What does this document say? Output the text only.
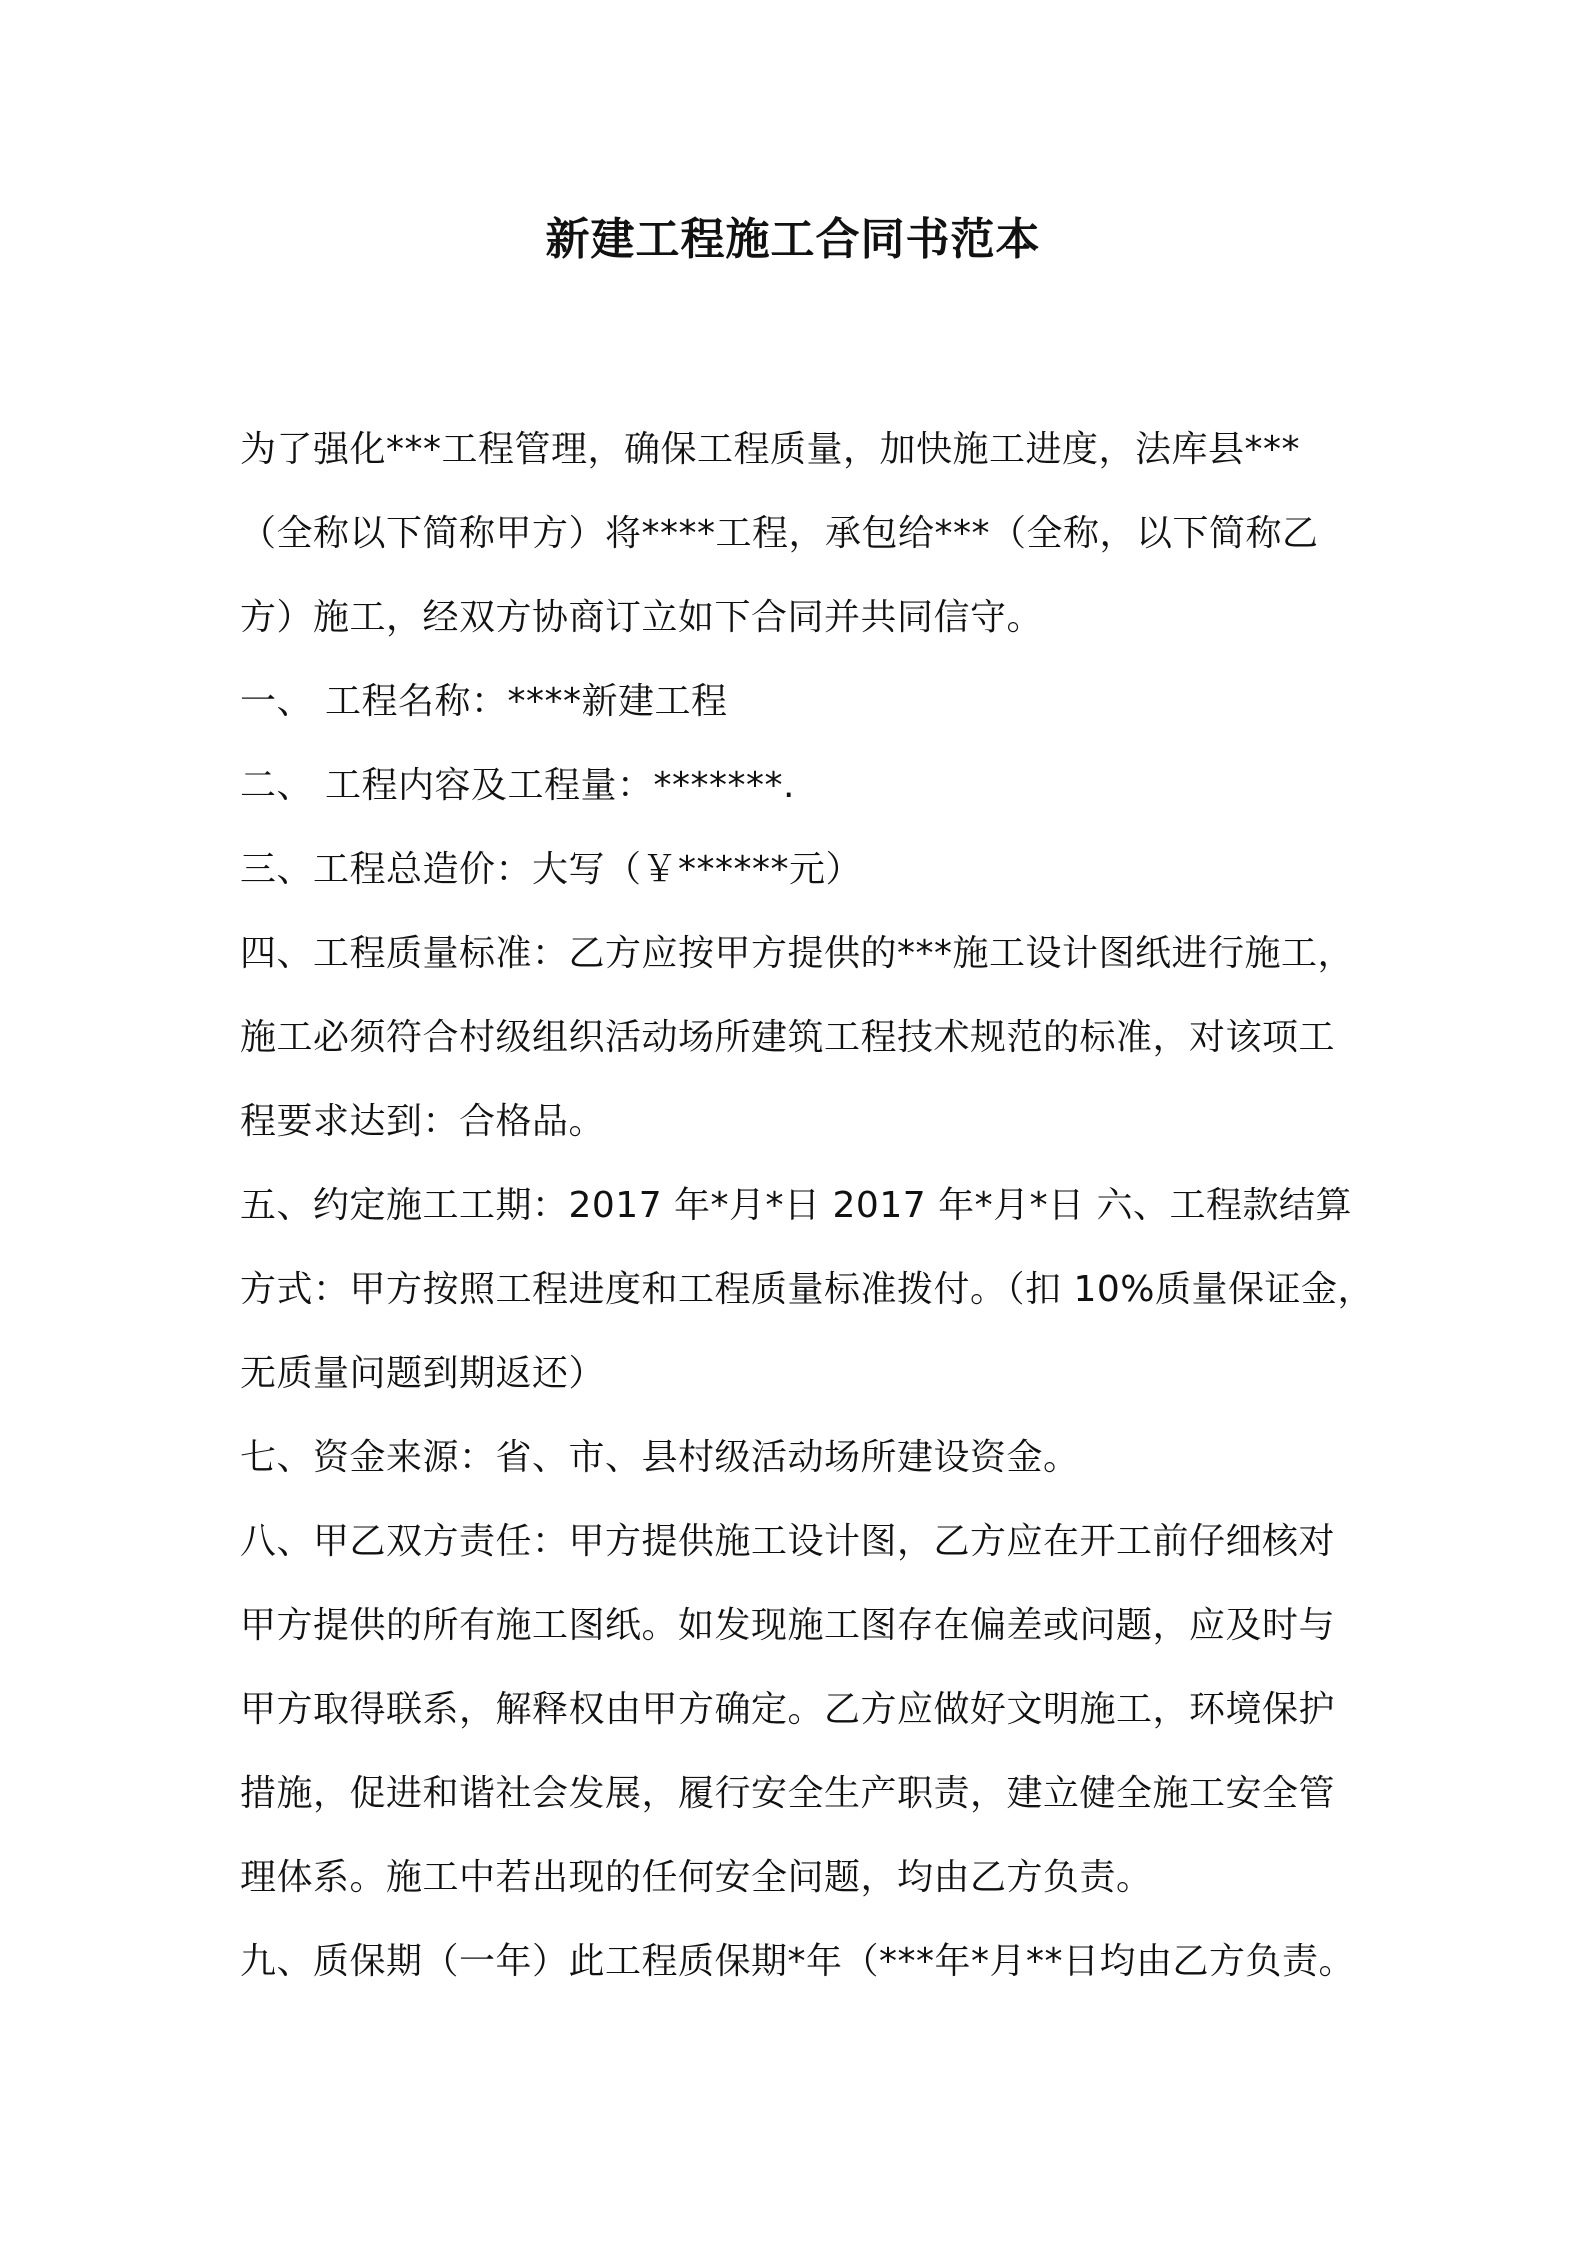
新建工程施工合同书范本

为了强化***工程管理，确保工程质量，加快施工进度，法库县***

（全称以下简称甲方）将****工程，承包给***（全称，以下简称乙

方）施工，经双方协商订立如下合同并共同信守。

一、 工程名称：****新建工程

二、 工程内容及工程量：*******.

三、工程总造价：大写（￥******元）

四、工程质量标准：乙方应按甲方提供的***施工设计图纸进行施工，

施工必须符合村级组织活动场所建筑工程技术规范的标准，对该项工

程要求达到：合格品。

五、约定施工工期：2017 年*月*日 2017 年*月*日 六、工程款结算

方式：甲方按照工程进度和工程质量标准拨付。（扣 10%质量保证金，

无质量问题到期返还）

七、资金来源：省、市、县村级活动场所建设资金。

八、甲乙双方责任：甲方提供施工设计图，乙方应在开工前仔细核对

甲方提供的所有施工图纸。如发现施工图存在偏差或问题，应及时与

甲方取得联系，解释权由甲方确定。乙方应做好文明施工，环境保护

措施，促进和谐社会发展，履行安全生产职责，建立健全施工安全管

理体系。施工中若出现的任何安全问题，均由乙方负责。

九、质保期（一年）此工程质保期*年（***年*月**日均由乙方负责。
